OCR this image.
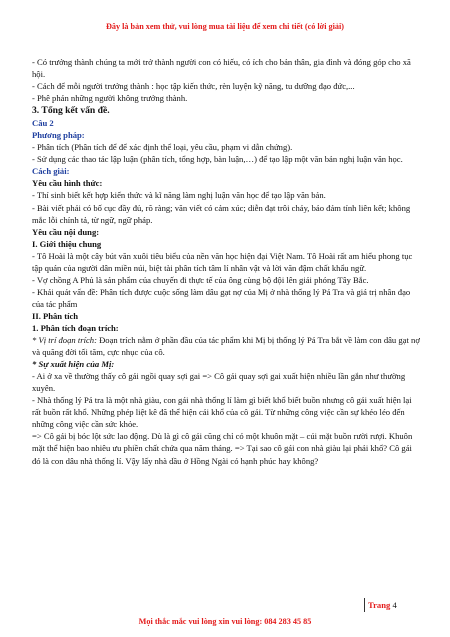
Đây là bản xem thử, vui lòng mua tài liệu để xem chi tiết (có lời giải)

- Có trưởng thành chúng ta mới trở thành người con có hiếu, có ích cho bản thân, gia đình và đóng góp cho xã hội.

- Cách để mỗi người trưởng thành : học tập kiến thức, rèn luyện kỹ năng, tu dưỡng đạo đức,...

- Phê phán những người không trưởng thành.

3. Tổng kết vấn đề.

Câu 2

Phương pháp:

- Phân tích (Phân tích để để xác định thể loại, yêu cầu, phạm vi dẫn chứng).

- Sử dụng các thao tác lập luận (phân tích, tổng hợp, bàn luận,…) để tạo lập một văn bản nghị luận văn học.

Cách giải:

Yêu cầu hình thức:

- Thí sinh biết kết hợp kiến thức và kĩ năng làm nghị luận văn học để tạo lập văn bản.

- Bài viết phải có bố cục đầy đủ, rõ ràng; văn viết có cảm xúc; diễn đạt trôi chảy, bảo đảm tính liên kết; không mắc lỗi chính tả, từ ngữ, ngữ pháp.

Yêu cầu nội dung:

I. Giới thiệu chung

- Tô Hoài là một cây bút văn xuôi tiêu biểu của nền văn học hiện đại Việt Nam. Tô Hoài rất am hiểu phong tục tập quán của người dân miền núi, biệt tài phân tích tâm lí nhân vật và lời văn đậm chất khẩu ngữ.

- Vợ chồng A Phủ là sản phẩm của chuyến đi thực tế của ông cùng bộ đội lên giải phóng Tây Bắc.

- Khái quát vấn đề: Phân tích được cuộc sống làm dâu gạt nợ của Mị ở nhà thống lý Pá Tra và giá trị nhân đạo của tác phẩm

II. Phân tích

1. Phân tích đoạn trích:

* Vị trí đoạn trích: Đoạn trích nằm ở phần đầu của tác phẩm khi Mị bị thống lý Pá Tra bắt về làm con dâu gạt nợ và quãng đời tối tăm, cực nhục của cô.

* Sự xuất hiện của Mị:

- Ai ở xa về thường thấy cô gái ngồi quay sợi gai => Cô gái quay sợi gai xuất hiện nhiều lần gắn như thường xuyên.

- Nhà thống lý Pá tra là một nhà giàu, con gái nhà thống lí làm gì biết khổ biết buồn nhưng cô gái xuất hiện lại rất buồn rất khổ. Những phép liệt kê đã thể hiện cái khổ của cô gái. Từ những công việc cần sự khéo léo đến những công việc cần sức khỏe.

=> Cô gái bị bóc lột sức lao động. Dù là gì cô gái cũng chỉ có một khuôn mặt – cúi mặt buồn rười rượi. Khuôn mặt thể hiện bao nhiêu ưu phiền chất chứa qua năm tháng. => Tại sao cô gái con nhà giàu lại phải khổ? Cô gái đó là con dâu nhà thống lí. Vậy lấy nhà dầu ở Hồng Ngài có hạnh phúc hay không?

Trang 4
Mọi thắc mắc vui lòng xin vui lòng: 084 283 45 85
